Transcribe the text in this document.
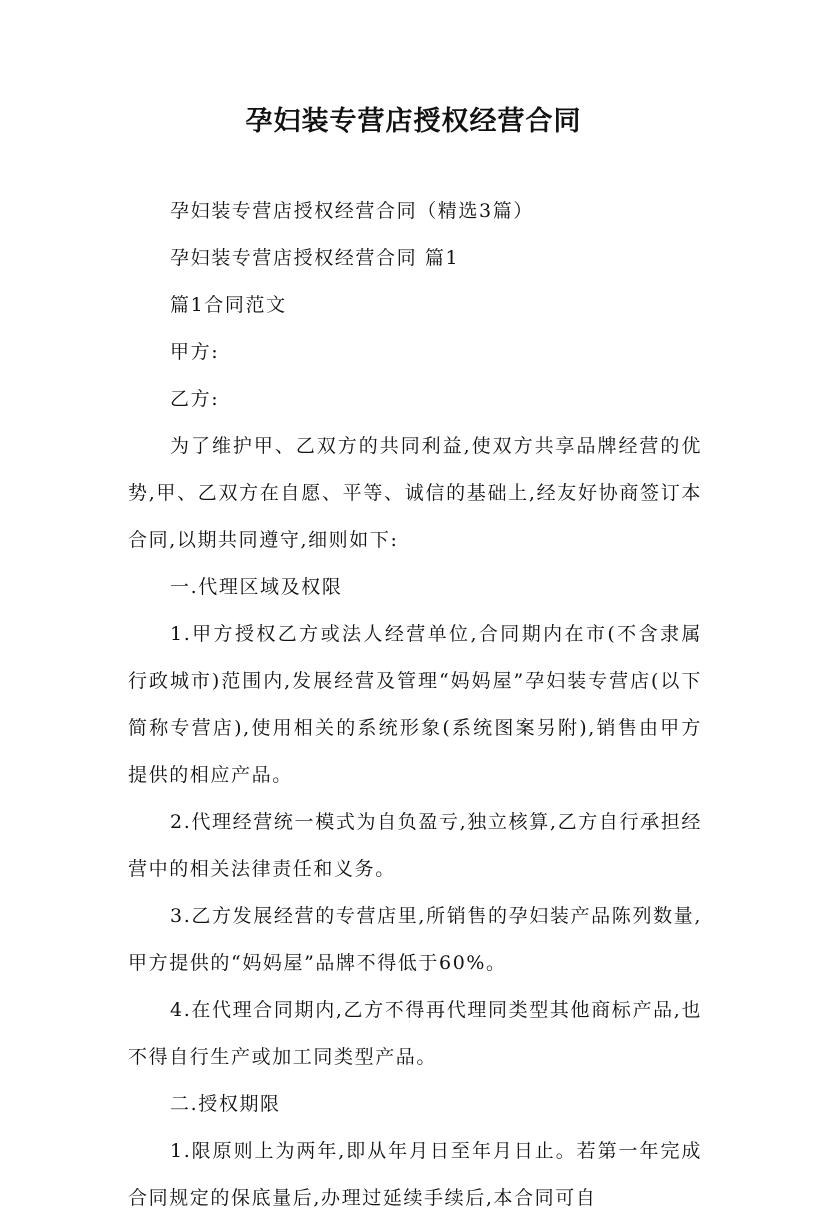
孕妇装专营店授权经营合同

孕妇装专营店授权经营合同（精选3篇）

孕妇装专营店授权经营合同 篇1

篇1合同范文

甲方:

乙方:

为了维护甲、乙双方的共同利益,使双方共享品牌经营的优势,甲、乙双方在自愿、平等、诚信的基础上,经友好协商签订本合同,以期共同遵守,细则如下:

一.代理区域及权限

1.甲方授权乙方或法人经营单位,合同期内在市(不含隶属行政城市)范围内,发展经营及管理“妈妈屋”孕妇装专营店(以下简称专营店),使用相关的系统形象(系统图案另附),销售由甲方提供的相应产品。

2.代理经营统一模式为自负盈亏,独立核算,乙方自行承担经营中的相关法律责任和义务。

3.乙方发展经营的专营店里,所销售的孕妇装产品陈列数量,甲方提供的“妈妈屋”品牌不得低于60%。

4.在代理合同期内,乙方不得再代理同类型其他商标产品,也不得自行生产或加工同类型产品。

二.授权期限

1.限原则上为两年,即从年月日至年月日止。若第一年完成合同规定的保底量后,办理过延续手续后,本合同可自
